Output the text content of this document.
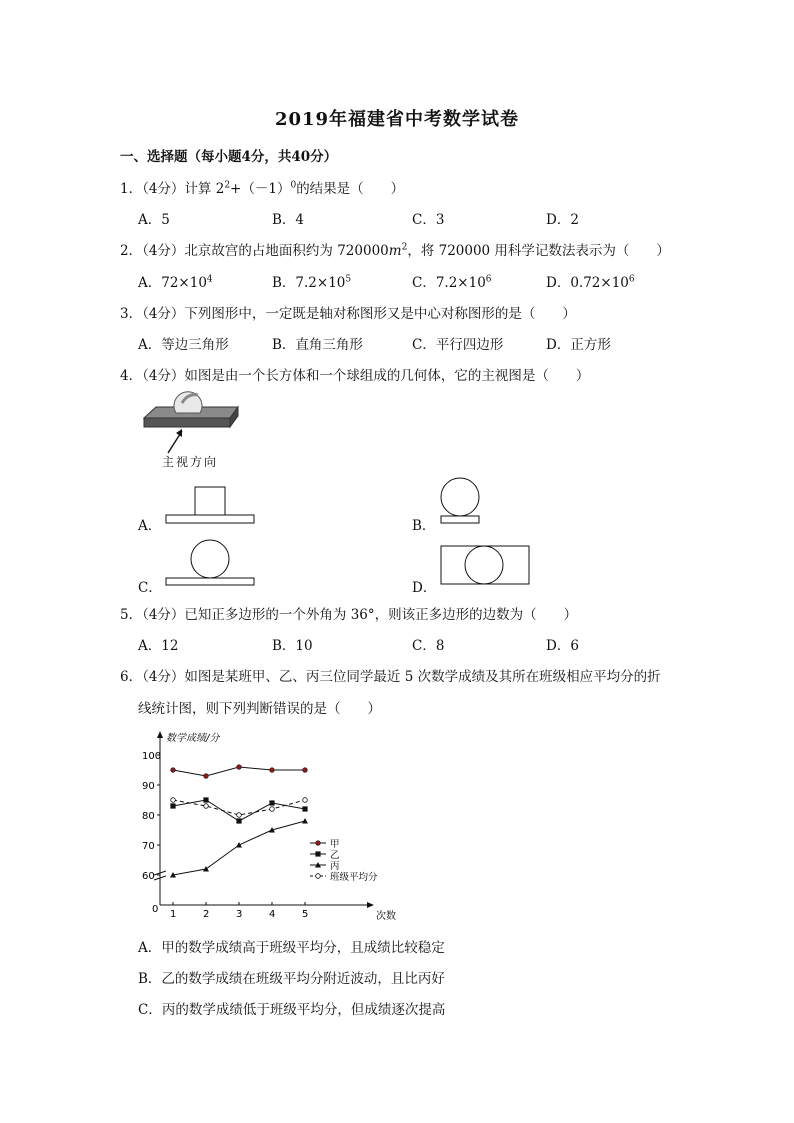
2019年福建省中考数学试卷
一、选择题（每小题4分，共40分）
1．（4分）计算 $2^2+(-1)^0$的结果是（　　）
A．5	B．4	C．3	D．2
2．（4分）北京故宫的占地面积约为 $720000m^2$，将 720000 用科学记数法表示为（　　）
A．$72\times 10^4$	B．$7.2\times 10^5$	C．$7.2\times 10^6$	D．$0.72\times 10^6$
3．（4分）下列图形中，一定既是轴对称图形又是中心对称图形的是（　　）
A．等边三角形	B．直角三角形	C．平行四边形	D．正方形
4．（4分）如图是由一个长方体和一个球组成的几何体，它的主视图是（　　）
主视方向
A．	B．
C．	D．
5．（4分）已知正多边形的一个外角为 36°，则该正多边形的边数为（　　）
A．12	B．10	C．8	D．6
6．（4分）如图是某班甲、乙、丙三位同学最近 5 次数学成绩及其所在班级相应平均分的折
线统计图，则下列判断错误的是（　　）
数学成绩/分
次数
0
60
70
80
90
100
1	2	3	4	5
甲
乙
丙
班级平均分
A．甲的数学成绩高于班级平均分，且成绩比较稳定
B．乙的数学成绩在班级平均分附近波动，且比丙好
C．丙的数学成绩低于班级平均分，但成绩逐次提高
